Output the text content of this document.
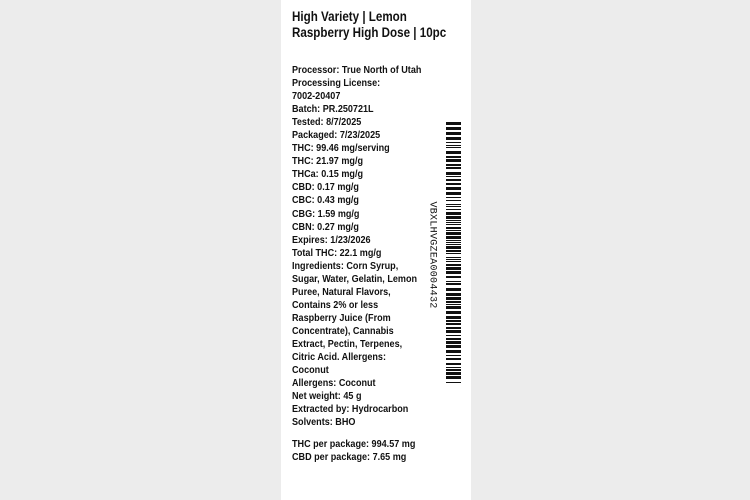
High Variety | Lemon Raspberry High Dose | 10pc
Processor: True North of Utah
Processing License:
7002-20407
Batch: PR.250721L
Tested: 8/7/2025
Packaged: 7/23/2025
THC: 99.46 mg/serving
THC: 21.97 mg/g
THCa: 0.15 mg/g
CBD: 0.17 mg/g
CBC: 0.43 mg/g
CBG: 1.59 mg/g
CBN: 0.27 mg/g
Expires: 1/23/2026
Total THC: 22.1 mg/g
Ingredients: Corn Syrup,
Sugar, Water, Gelatin, Lemon
Puree, Natural Flavors,
Contains 2% or less
Raspberry Juice (From
Concentrate), Cannabis
Extract, Pectin, Terpenes,
Citric Acid. Allergens:
Coconut
Allergens: Coconut
Net weight: 45 g
Extracted by: Hydrocarbon
Solvents: BHO
THC per package: 994.57 mg
CBD per package: 7.65 mg
VBXLHVGZEA0004432
